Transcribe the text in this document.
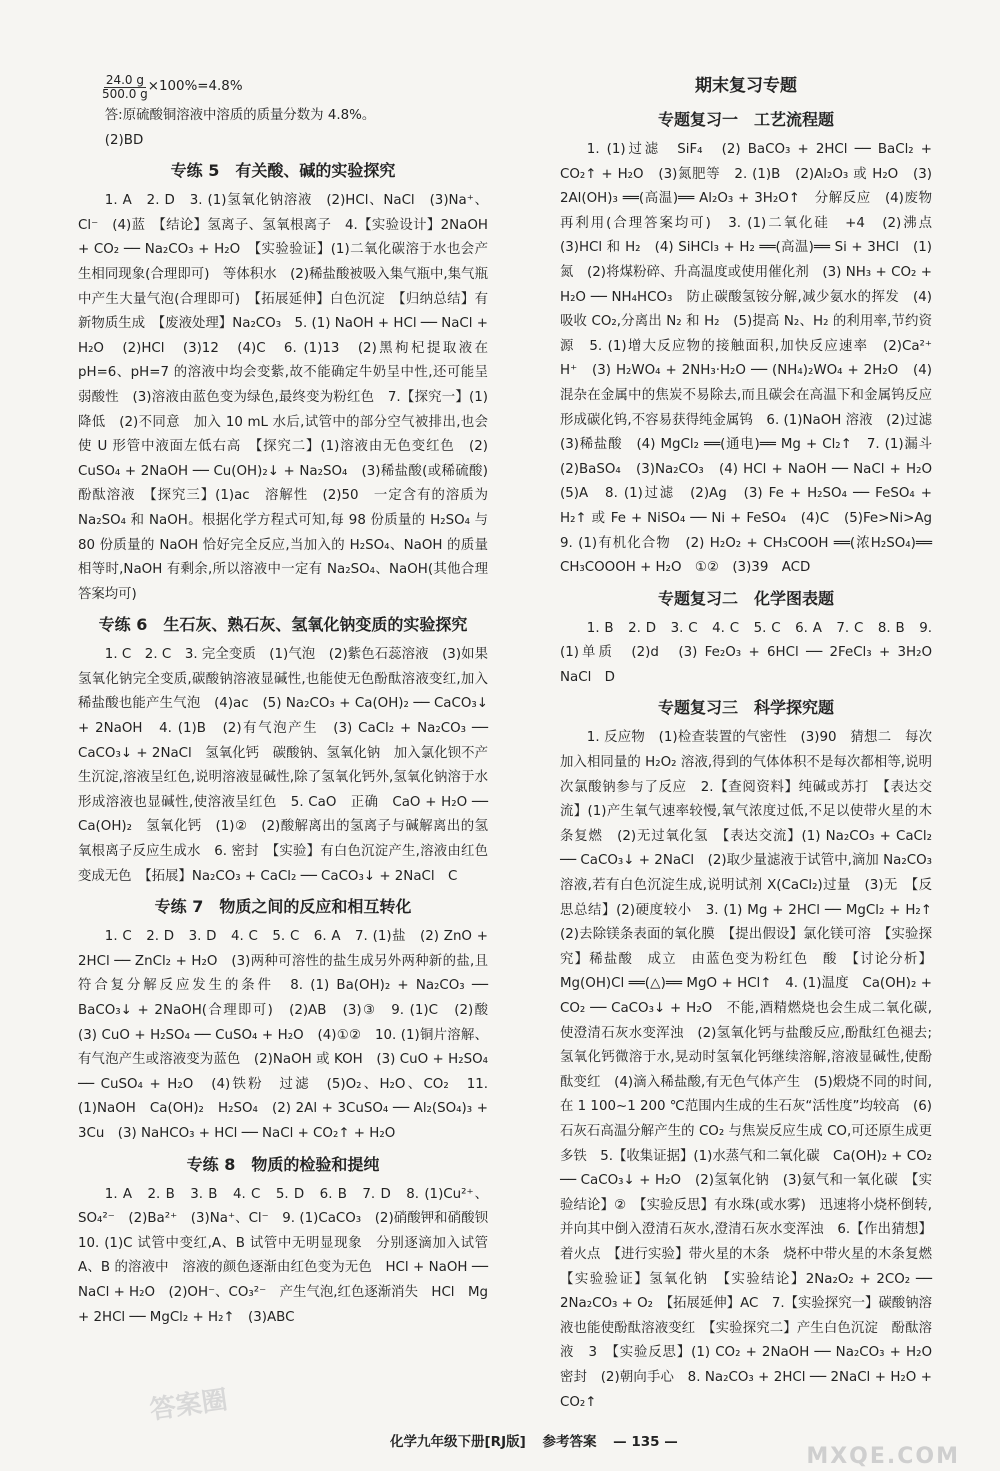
$\frac{24.0 g}{500.0 g} \times 100\%=4.8\%$

答:原硫酸铜溶液中溶质的质量分数为 4.8%。

(2)BD

专练 5　有关酸、碱的实验探究

1. A　2. D　3. (1)氢氧化钠溶液　(2)HCl、NaCl　(3)Na⁺、Cl⁻　(4)蓝　【结论】氢离子、氢氧根离子　4.【实验设计】2NaOH + CO₂ ── Na₂CO₃ + H₂O　【实验验证】(1)二氧化碳溶于水也会产生相同现象(合理即可)　等体积水　(2)稀盐酸被吸入集气瓶中,集气瓶中产生大量气泡(合理即可)　【拓展延伸】白色沉淀　【归纳总结】有新物质生成　【废液处理】Na₂CO₃　5. (1) NaOH + HCl ── NaCl + H₂O　(2)HCl　(3)12　(4)C　6. (1)13　(2)黑枸杞提取液在 pH=6、pH=7 的溶液中均会变紫,故不能确定牛奶呈中性,还可能呈弱酸性　(3)溶液由蓝色变为绿色,最终变为粉红色　7.【探究一】(1)降低　(2)不同意　加入 10 mL 水后,试管中的部分空气被排出,也会使 U 形管中液面左低右高　【探究二】(1)溶液由无色变红色　(2) CuSO₄ + 2NaOH ── Cu(OH)₂↓ + Na₂SO₄　(3)稀盐酸(或稀硫酸)　酚酞溶液　【探究三】(1)ac　溶解性　(2)50　一定含有的溶质为 Na₂SO₄ 和 NaOH。根据化学方程式可知,每 98 份质量的 H₂SO₄ 与 80 份质量的 NaOH 恰好完全反应,当加入的 H₂SO₄、NaOH 的质量相等时,NaOH 有剩余,所以溶液中一定有 Na₂SO₄、NaOH(其他合理答案均可)

专练 6　生石灰、熟石灰、氢氧化钠变质的实验探究

1. C　2. C　3. 完全变质　(1)气泡　(2)紫色石蕊溶液　(3)如果氢氧化钠完全变质,碳酸钠溶液显碱性,也能使无色酚酞溶液变红,加入稀盐酸也能产生气泡　(4)ac　(5) Na₂CO₃ + Ca(OH)₂ ── CaCO₃↓ + 2NaOH　4. (1)B　(2)有气泡产生　(3) CaCl₂ + Na₂CO₃ ── CaCO₃↓ + 2NaCl　氢氧化钙　碳酸钠、氢氧化钠　加入氯化钡不产生沉淀,溶液呈红色,说明溶液显碱性,除了氢氧化钙外,氢氧化钠溶于水形成溶液也显碱性,使溶液呈红色　5. CaO　正确　CaO + H₂O ── Ca(OH)₂　氢氧化钙　(1)②　(2)酸解离出的氢离子与碱解离出的氢氧根离子反应生成水　6. 密封　【实验】有白色沉淀产生,溶液由红色变成无色　【拓展】Na₂CO₃ + CaCl₂ ── CaCO₃↓ + 2NaCl　C

专练 7　物质之间的反应和相互转化

1. C　2. D　3. D　4. C　5. C　6. A　7. (1)盐　(2) ZnO + 2HCl ── ZnCl₂ + H₂O　(3)两种可溶性的盐生成另外两种新的盐,且符合复分解反应发生的条件　8. (1) Ba(OH)₂ + Na₂CO₃ ── BaCO₃↓ + 2NaOH(合理即可)　(2)AB　(3)③　9. (1)C　(2)酸　(3) CuO + H₂SO₄ ── CuSO₄ + H₂O　(4)①②　10. (1)铜片溶解、有气泡产生或溶液变为蓝色　(2)NaOH 或 KOH　(3) CuO + H₂SO₄ ── CuSO₄ + H₂O　(4)铁粉　过滤　(5)O₂、H₂O、CO₂　11. (1)NaOH　Ca(OH)₂　H₂SO₄　(2) 2Al + 3CuSO₄ ── Al₂(SO₄)₃ + 3Cu　(3) NaHCO₃ + HCl ── NaCl + CO₂↑ + H₂O

专练 8　物质的检验和提纯

1. A　2. B　3. B　4. C　5. D　6. B　7. D　8. (1)Cu²⁺、SO₄²⁻　(2)Ba²⁺　(3)Na⁺、Cl⁻　9. (1)CaCO₃　(2)硝酸钾和硝酸钡　10. (1)C 试管中变红,A、B 试管中无明显现象　分别逐滴加入试管 A、B 的溶液中　溶液的颜色逐渐由红色变为无色　HCl + NaOH ── NaCl + H₂O　(2)OH⁻、CO₃²⁻　产生气泡,红色逐渐消失　HCl　Mg + 2HCl ── MgCl₂ + H₂↑　(3)ABC

期末复习专题
专题复习一　工艺流程题

1. (1)过滤　SiF₄　(2) BaCO₃ + 2HCl ── BaCl₂ + CO₂↑ + H₂O　(3)氮肥等　2. (1)B　(2)Al₂O₃ 或 H₂O　(3) 2Al(OH)₃ ══(高温)══ Al₂O₃ + 3H₂O↑　分解反应　(4)废物再利用(合理答案均可)　3. (1)二氧化硅　+4　(2)沸点　(3)HCl 和 H₂　(4) SiHCl₃ + H₂ ══(高温)══ Si + 3HCl　(1)氮　(2)将煤粉碎、升高温度或使用催化剂　(3) NH₃ + CO₂ + H₂O ── NH₄HCO₃　防止碳酸氢铵分解,减少氨水的挥发　(4)吸收 CO₂,分离出 N₂ 和 H₂　(5)提高 N₂、H₂ 的利用率,节约资源　5. (1)增大反应物的接触面积,加快反应速率　(2)Ca²⁺　H⁺　(3) H₂WO₄ + 2NH₃·H₂O ── (NH₄)₂WO₄ + 2H₂O　(4)混杂在金属中的焦炭不易除去,而且碳会在高温下和金属钨反应形成碳化钨,不容易获得纯金属钨　6. (1)NaOH 溶液　(2)过滤　(3)稀盐酸　(4) MgCl₂ ══(通电)══ Mg + Cl₂↑　7. (1)漏斗　(2)BaSO₄　(3)Na₂CO₃　(4) HCl + NaOH ── NaCl + H₂O　(5)A　8. (1)过滤　(2)Ag　(3) Fe + H₂SO₄ ── FeSO₄ + H₂↑ 或 Fe + NiSO₄ ── Ni + FeSO₄　(4)C　(5)Fe>Ni>Ag　9. (1)有机化合物　(2) H₂O₂ + CH₃COOH ══(浓H₂SO₄)══ CH₃COOOH + H₂O　①②　(3)39　ACD

专题复习二　化学图表题

1. B　2. D　3. C　4. C　5. C　6. A　7. C　8. B　9. (1)单质　(2)d　(3) Fe₂O₃ + 6HCl ── 2FeCl₃ + 3H₂O　NaCl　D

专题复习三　科学探究题

1. 反应物　(1)检查装置的气密性　(3)90　猜想二　每次加入相同量的 H₂O₂ 溶液,得到的气体体积不是每次都相等,说明次氯酸钠参与了反应　2.【查阅资料】纯碱或苏打　【表达交流】(1)产生氧气速率较慢,氧气浓度过低,不足以使带火星的木条复燃　(2)无过氧化氢　【表达交流】(1) Na₂CO₃ + CaCl₂ ── CaCO₃↓ + 2NaCl　(2)取少量滤液于试管中,滴加 Na₂CO₃ 溶液,若有白色沉淀生成,说明试剂 X(CaCl₂)过量　(3)无　【反思总结】(2)硬度较小　3. (1) Mg + 2HCl ── MgCl₂ + H₂↑　(2)去除镁条表面的氧化膜　【提出假设】氯化镁可溶　【实验探究】稀盐酸　成立　由蓝色变为粉红色　酸　【讨论分析】Mg(OH)Cl ══(△)══ MgO + HCl↑　4. (1)温度　Ca(OH)₂ + CO₂ ── CaCO₃↓ + H₂O　不能,酒精燃烧也会生成二氧化碳,使澄清石灰水变浑浊　(2)氢氧化钙与盐酸反应,酚酞红色褪去;氢氧化钙微溶于水,晃动时氢氧化钙继续溶解,溶液显碱性,使酚酞变红　(4)滴入稀盐酸,有无色气体产生　(5)煅烧不同的时间,在 1 100~1 200 ℃范围内生成的生石灰“活性度”均较高　(6)石灰石高温分解产生的 CO₂ 与焦炭反应生成 CO,可还原生成更多铁　5.【收集证据】(1)水蒸气和二氧化碳　Ca(OH)₂ + CO₂ ── CaCO₃↓ + H₂O　(2)氢氧化钠　(3)氨气和一氧化碳　【实验结论】②　【实验反思】有水珠(或水雾)　迅速将小烧杯倒转,并向其中倒入澄清石灰水,澄清石灰水变浑浊　6.【作出猜想】着火点　【进行实验】带火星的木条　烧杯中带火星的木条复燃　【实验验证】氢氧化钠　【实验结论】2Na₂O₂ + 2CO₂ ── 2Na₂CO₃ + O₂　【拓展延伸】AC　7.【实验探究一】碳酸钠溶液也能使酚酞溶液变红　【实验探究二】产生白色沉淀　酚酞溶液　3　【实验反思】(1) CO₂ + 2NaOH ── Na₂CO₃ + H₂O　密封　(2)朝向手心　8. Na₂CO₃ + 2HCl ── 2NaCl + H₂O + CO₂↑

化学九年级下册[RJ版] 参考答案 — 135 —
答案圈
MXQE.COM
